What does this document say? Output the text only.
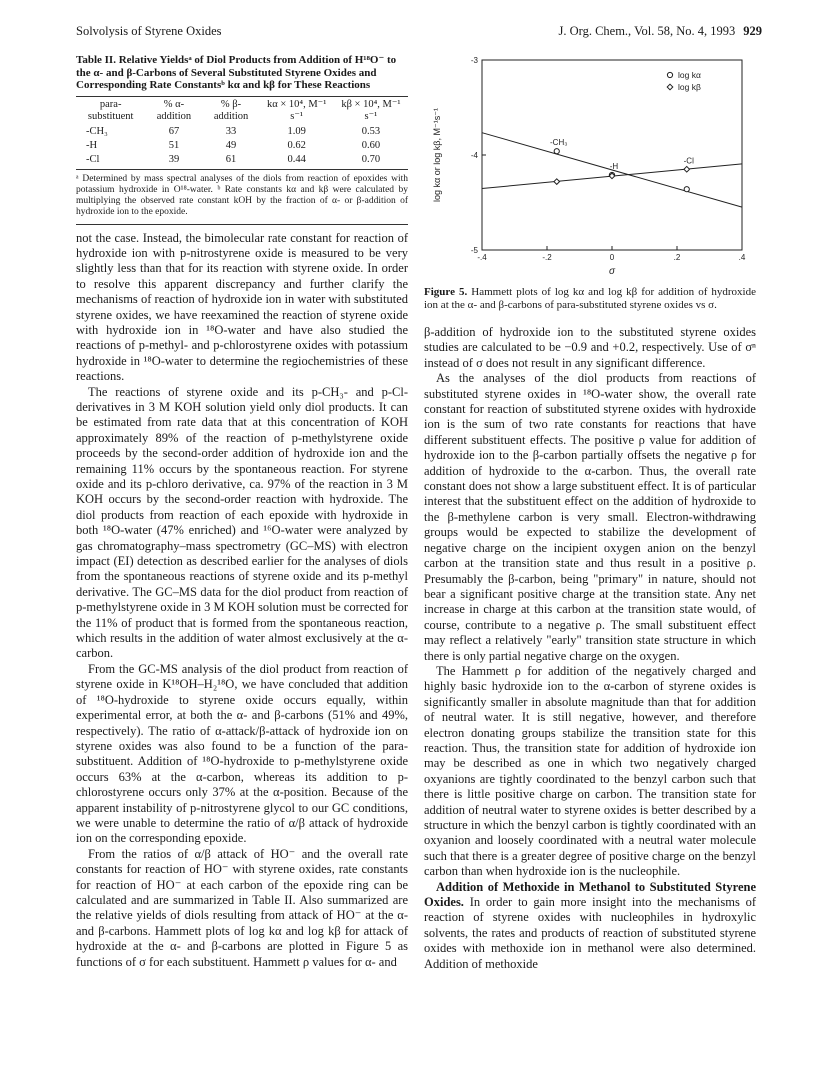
Solvolysis of Styrene Oxides	J. Org. Chem., Vol. 58, No. 4, 1993 929
Table II. Relative Yieldsᵃ of Diol Products from Addition of H¹⁸O⁻ to the α- and β-Carbons of Several Substituted Styrene Oxides and Corresponding Rate Constantsᵇ kα and kβ for These Reactions
para-substituent	% α-addition	% β-addition	kα × 10⁴, M⁻¹ s⁻¹	kβ × 10⁴, M⁻¹ s⁻¹
-CH₃	67	33	1.09	0.53
-H	51	49	0.62	0.60
-Cl	39	61	0.44	0.70
ᵃ Determined by mass spectral analyses of the diols from reaction of epoxides with potassium hydroxide in O¹⁸-water. ᵇ Rate constants kα and kβ were calculated by multiplying the observed rate constant kOH by the fraction of α- or β-addition of hydroxide ion to the epoxide.

not the case. Instead, the bimolecular rate constant for reaction of hydroxide ion with p-nitrostyrene oxide is measured to be very slightly less than that for its reaction with styrene oxide. In order to resolve this apparent discrepancy and further clarify the mechanisms of reaction of hydroxide ion in water with substituted styrene oxides, we have reexamined the reaction of styrene oxide with hydroxide ion in ¹⁸O-water and have also studied the reactions of p-methyl- and p-chlorostyrene oxides with potassium hydroxide in ¹⁸O-water to determine the regiochemistries of these reactions.

The reactions of styrene oxide and its p-CH₃- and p-Cl-derivatives in 3 M KOH solution yield only diol products. It can be estimated from rate data that at this concentration of KOH approximately 89% of the reaction of p-methylstyrene oxide proceeds by the second-order addition of hydroxide ion and the remaining 11% occurs by the spontaneous reaction. For styrene oxide and its p-chloro derivative, ca. 97% of the reaction in 3 M KOH occurs by the second-order reaction with hydroxide. The diol products from reaction of each epoxide with hydroxide in both ¹⁸O-water (47% enriched) and ¹⁶O-water were analyzed by gas chromatography–mass spectrometry (GC–MS) with electron impact (EI) detection as described earlier for the analyses of diols from the spontaneous reactions of styrene oxide and its p-methyl derivative. The GC–MS data for the diol product from reaction of p-methylstyrene oxide in 3 M KOH solution must be corrected for the 11% of product that is formed from the spontaneous reaction, which results in the addition of water almost exclusively at the α-carbon.

From the GC-MS analysis of the diol product from reaction of styrene oxide in K¹⁸OH–H₂¹⁸O, we have concluded that addition of ¹⁸O-hydroxide to styrene oxide occurs equally, within experimental error, at both the α- and β-carbons (51% and 49%, respectively). The ratio of α-attack/β-attack of hydroxide ion on styrene oxides was also found to be a function of the para-substituent. Addition of ¹⁸O-hydroxide to p-methylstyrene oxide occurs 63% at the α-carbon, whereas its addition to p-chlorostyrene occurs only 37% at the α-position. Because of the apparent instability of p-nitrostyrene glycol to our GC conditions, we were unable to determine the ratio of α/β attack of hydroxide ion on the corresponding epoxide.

From the ratios of α/β attack of HO⁻ and the overall rate constants for reaction of HO⁻ with styrene oxides, rate constants for reaction of HO⁻ at each carbon of the epoxide ring can be calculated and are summarized in Table II. Also summarized are the relative yields of diols resulting from attack of HO⁻ at the α- and β-carbons. Hammett plots of log kα and log kβ for attack of hydroxide at the α- and β-carbons are plotted in Figure 5 as functions of σ for each substituent. Hammett ρ values for α- and

-.4	-.2	0	.2	.4
-5
-4
-3
-CH₃
-H
-Cl
log kα or log kβ, M⁻¹s⁻¹
σ
log kα
log kβ
Figure 5. Hammett plots of log kα and log kβ for addition of hydroxide ion at the α- and β-carbons of para-substituted styrene oxides vs σ.

β-addition of hydroxide ion to the substituted styrene oxides studies are calculated to be −0.9 and +0.2, respectively. Use of σⁿ instead of σ does not result in any significant difference.

As the analyses of the diol products from reactions of substituted styrene oxides in ¹⁸O-water show, the overall rate constant for reaction of substituted styrene oxides with hydroxide ion is the sum of two rate constants for reactions that have different substituent effects. The positive ρ value for addition of hydroxide ion to the β-carbon partially offsets the negative ρ for addition of hydroxide to the α-carbon. Thus, the overall rate constant does not show a large substituent effect. It is of particular interest that the substituent effect on the addition of hydroxide to the β-methylene carbon is very small. Electron-withdrawing groups would be expected to stabilize the development of negative charge on the incipient oxygen anion on the benzyl carbon at the transition state and thus result in a positive ρ. Presumably the β-carbon, being "primary" in nature, should not bear a significant positive charge at the transition state. Any net increase in charge at this carbon at the transition state would, of course, contribute to a negative ρ. The small substituent effect may reflect a relatively "early" transition state structure in which there is only partial negative charge on the oxygen.

The Hammett ρ for addition of the negatively charged and highly basic hydroxide ion to the α-carbon of styrene oxides is significantly smaller in absolute magnitude than that for addition of neutral water. It is still negative, however, and therefore electron donating groups stabilize the transition state for this reaction. Thus, the transition state for addition of hydroxide ion may be described as one in which two negatively charged oxyanions are tightly coordinated to the benzyl carbon such that there is little positive charge on carbon. The transition state for addition of neutral water to styrene oxides is better described by a structure in which the benzyl carbon is tightly coordinated with an oxyanion and loosely coordinated with a neutral water molecule such that there is a greater degree of positive charge on the benzyl carbon than when hydroxide ion is the nucleophile.

Addition of Methoxide in Methanol to Substituted Styrene Oxides. In order to gain more insight into the mechanisms of reaction of styrene oxides with nucleophiles in hydroxylic solvents, the rates and products of reaction of substituted styrene oxides with methoxide ion in methanol were also determined. Addition of methoxide
